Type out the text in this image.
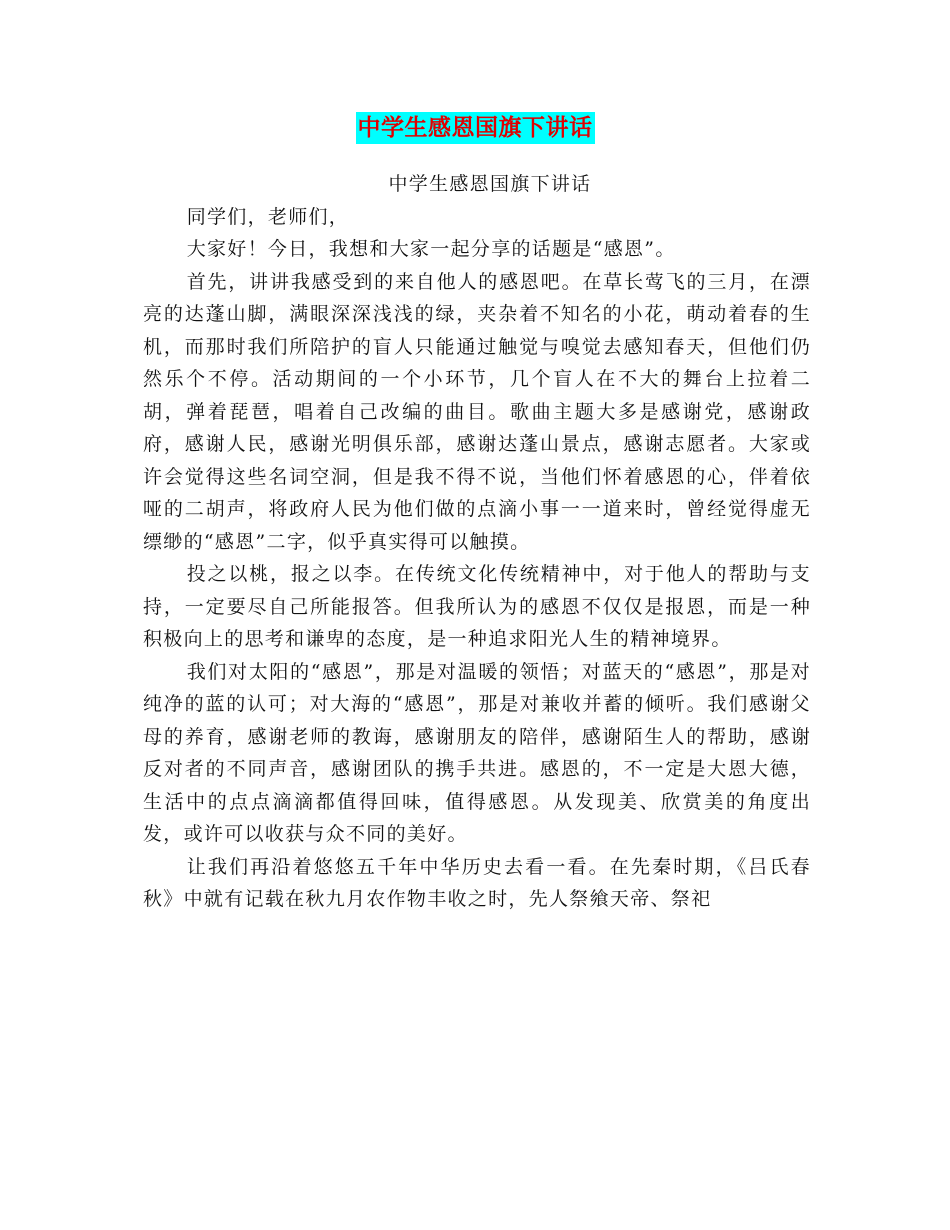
中学生感恩国旗下讲话

中学生感恩国旗下讲话

同学们，老师们，

大家好！今日，我想和大家一起分享的话题是“感恩”。

首先，讲讲我感受到的来自他人的感恩吧。在草长莺飞的三月，在漂亮的达蓬山脚，满眼深深浅浅的绿，夹杂着不知名的小花，萌动着春的生机，而那时我们所陪护的盲人只能通过触觉与嗅觉去感知春天，但他们仍然乐个不停。活动期间的一个小环节，几个盲人在不大的舞台上拉着二胡，弹着琵琶，唱着自己改编的曲目。歌曲主题大多是感谢党，感谢政府，感谢人民，感谢光明俱乐部，感谢达蓬山景点，感谢志愿者。大家或许会觉得这些名词空洞，但是我不得不说，当他们怀着感恩的心，伴着依哑的二胡声，将政府人民为他们做的点滴小事一一道来时，曾经觉得虚无缥缈的“感恩”二字，似乎真实得可以触摸。

投之以桃，报之以李。在传统文化传统精神中，对于他人的帮助与支持，一定要尽自己所能报答。但我所认为的感恩不仅仅是报恩，而是一种积极向上的思考和谦卑的态度，是一种追求阳光人生的精神境界。

我们对太阳的“感恩”，那是对温暖的领悟；对蓝天的“感恩”，那是对纯净的蓝的认可；对大海的“感恩”，那是对兼收并蓄的倾听。我们感谢父母的养育，感谢老师的教诲，感谢朋友的陪伴，感谢陌生人的帮助，感谢反对者的不同声音，感谢团队的携手共进。感恩的，不一定是大恩大德，生活中的点点滴滴都值得回味，值得感恩。从发现美、欣赏美的角度出发，或许可以收获与众不同的美好。

让我们再沿着悠悠五千年中华历史去看一看。在先秦时期，《吕氏春秋》中就有记载在秋九月农作物丰收之时，先人祭飨天帝、祭祀
